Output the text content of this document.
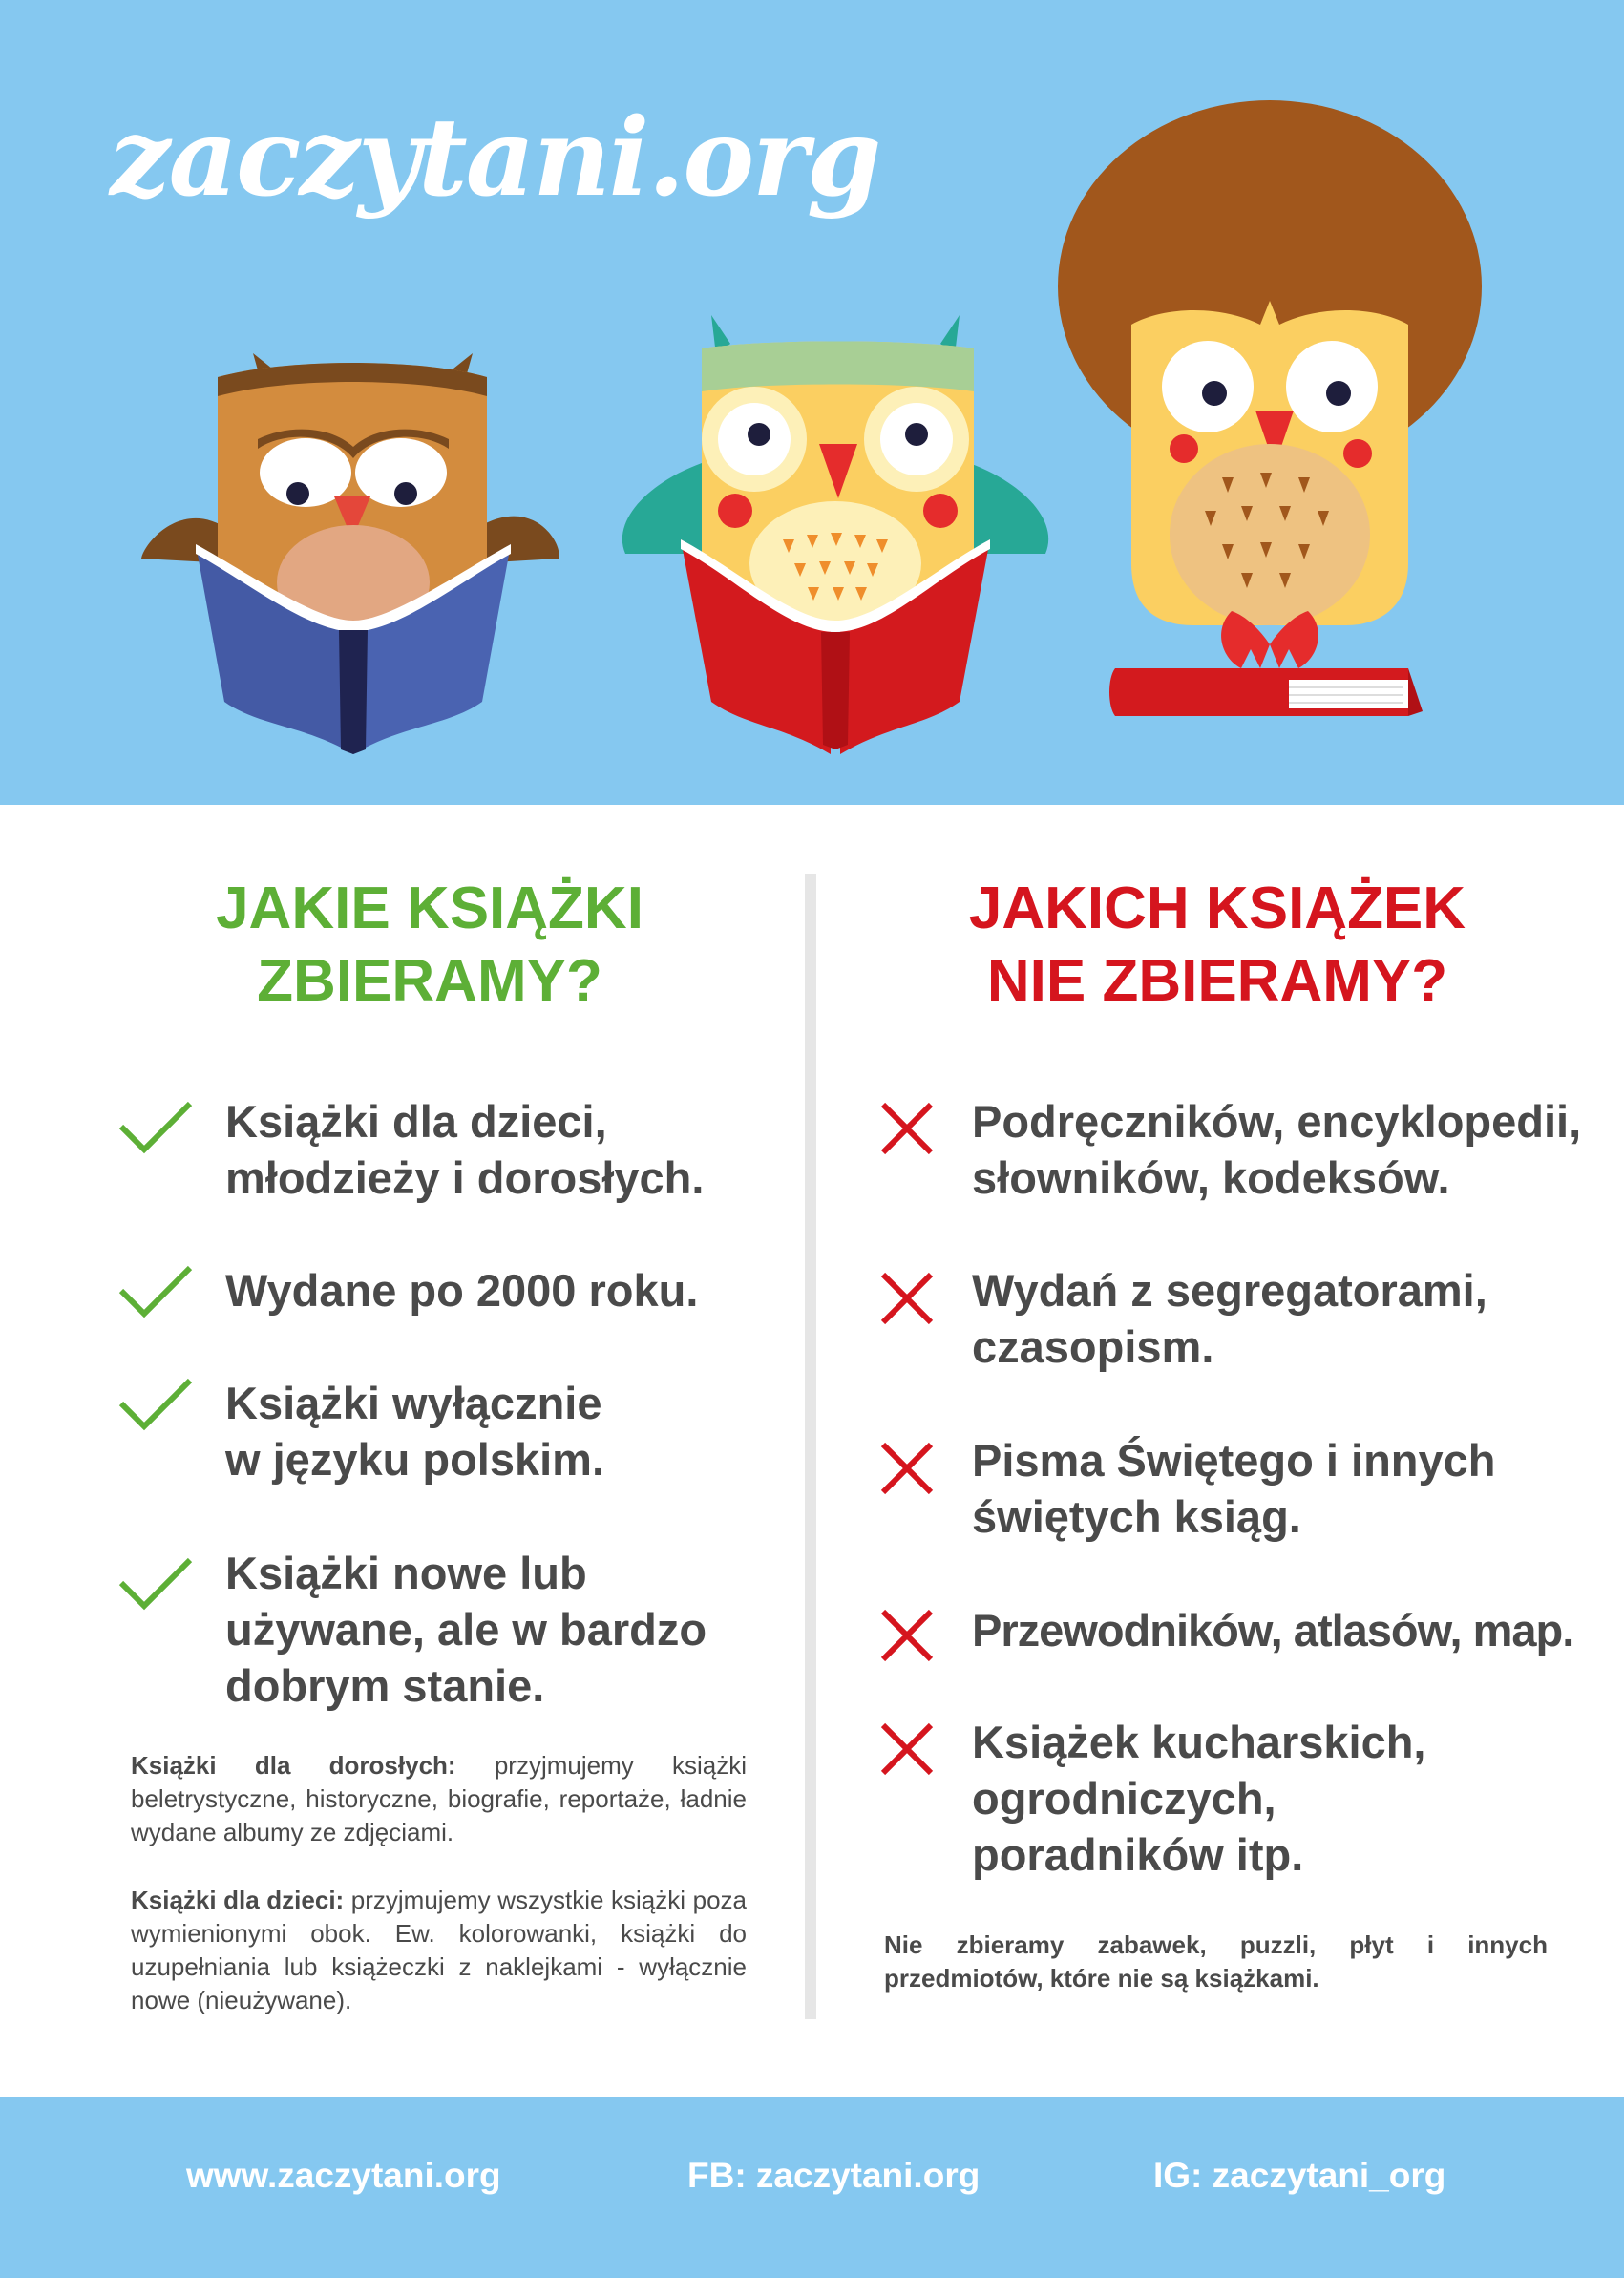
zaczytani.org
JAKIE KSIĄŻKI
ZBIERAMY?
Książki dla dzieci,
młodzieży i dorosłych.
Wydane po 2000 roku.
Książki wyłącznie
w języku polskim.
Książki nowe lub
używane, ale w bardzo
dobrym stanie.
Książki dla dorosłych: przyjmujemy książki beletrystyczne, historyczne, biografie, reportaże, ładnie wydane albumy ze zdjęciami.
Książki dla dzieci: przyjmujemy wszystkie książki poza wymienionymi obok. Ew. kolorowanki, książki do uzupełniania lub książeczki z naklejkami - wyłącznie nowe (nieużywane).
JAKICH KSIĄŻEK
NIE ZBIERAMY?
Podręczników, encyklopedii,
słowników, kodeksów.
Wydań z segregatorami,
czasopism.
Pisma Świętego i innych
świętych ksiąg.
Przewodników, atlasów, map.
Książek kucharskich,
ogrodniczych,
poradników itp.
Nie zbieramy zabawek, puzzli, płyt i innych przedmiotów, które nie są książkami.
www.zaczytani.org	FB: zaczytani.org	IG: zaczytani_org
